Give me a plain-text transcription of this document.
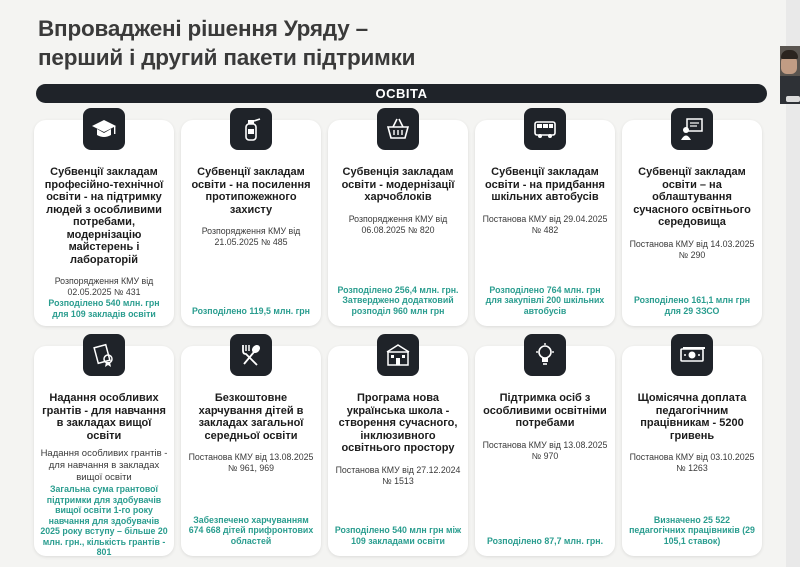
Впроваджені рішення Уряду –
перший і другий пакети підтримки
ОСВІТА
Субвенції закладам професійно-технічної освіти - на підтримку людей з особливими потребами, модернізацію майстерень і лабораторій
Розпорядження КМУ від 02.05.2025 № 431
Розподілено 540 млн. грн для 109 закладів освіти
Субвенції закладам освіти - на посилення протипожежного захисту
Розпорядження КМУ від 21.05.2025 № 485
Розподілено 119,5 млн. грн
Субвенція закладам освіти - модернізації харчоблоків
Розпорядження КМУ від 06.08.2025 № 820
Розподілено 256,4 млн. грн. Затверджено додатковий розподіл 960 млн грн
Субвенції закладам освіти - на придбання шкільних автобусів
Постанова КМУ від 29.04.2025 № 482
Розподілено 764 млн. грн для закупівлі 200 шкільних автобусів
Субвенції закладам освіти – на облаштування сучасного освітнього середовища
Постанова КМУ від 14.03.2025 № 290
Розподілено 161,1 млн грн для 29 ЗЗСО
Надання особливих грантів - для навчання в закладах вищої освіти
Надання особливих грантів - для навчання в закладах вищої освіти
Загальна сума грантової підтримки для здобувачів вищої освіти 1-го року навчання для здобувачів 2025 року вступу – більше 20 млн. грн., кількість грантів - 801
Безкоштовне харчування дітей в закладах загальної середньої освіти
Постанова КМУ від 13.08.2025 № 961, 969
Забезпечено харчуванням 674 668 дітей прифронтових областей
Програма нова українська школа - створення сучасного, інклюзивного освітнього простору
Постанова КМУ від 27.12.2024 № 1513
Розподілено 540 млн грн між 109 закладами освіти
Підтримка осіб з особливими освітніми потребами
Постанова КМУ від 13.08.2025 № 970
Розподілено 87,7 млн. грн.
Щомісячна доплата педагогічним працівникам - 5200 гривень
Постанова КМУ від 03.10.2025 № 1263
Визначено 25 522 педагогічних працівників (29 105,1 ставок)
